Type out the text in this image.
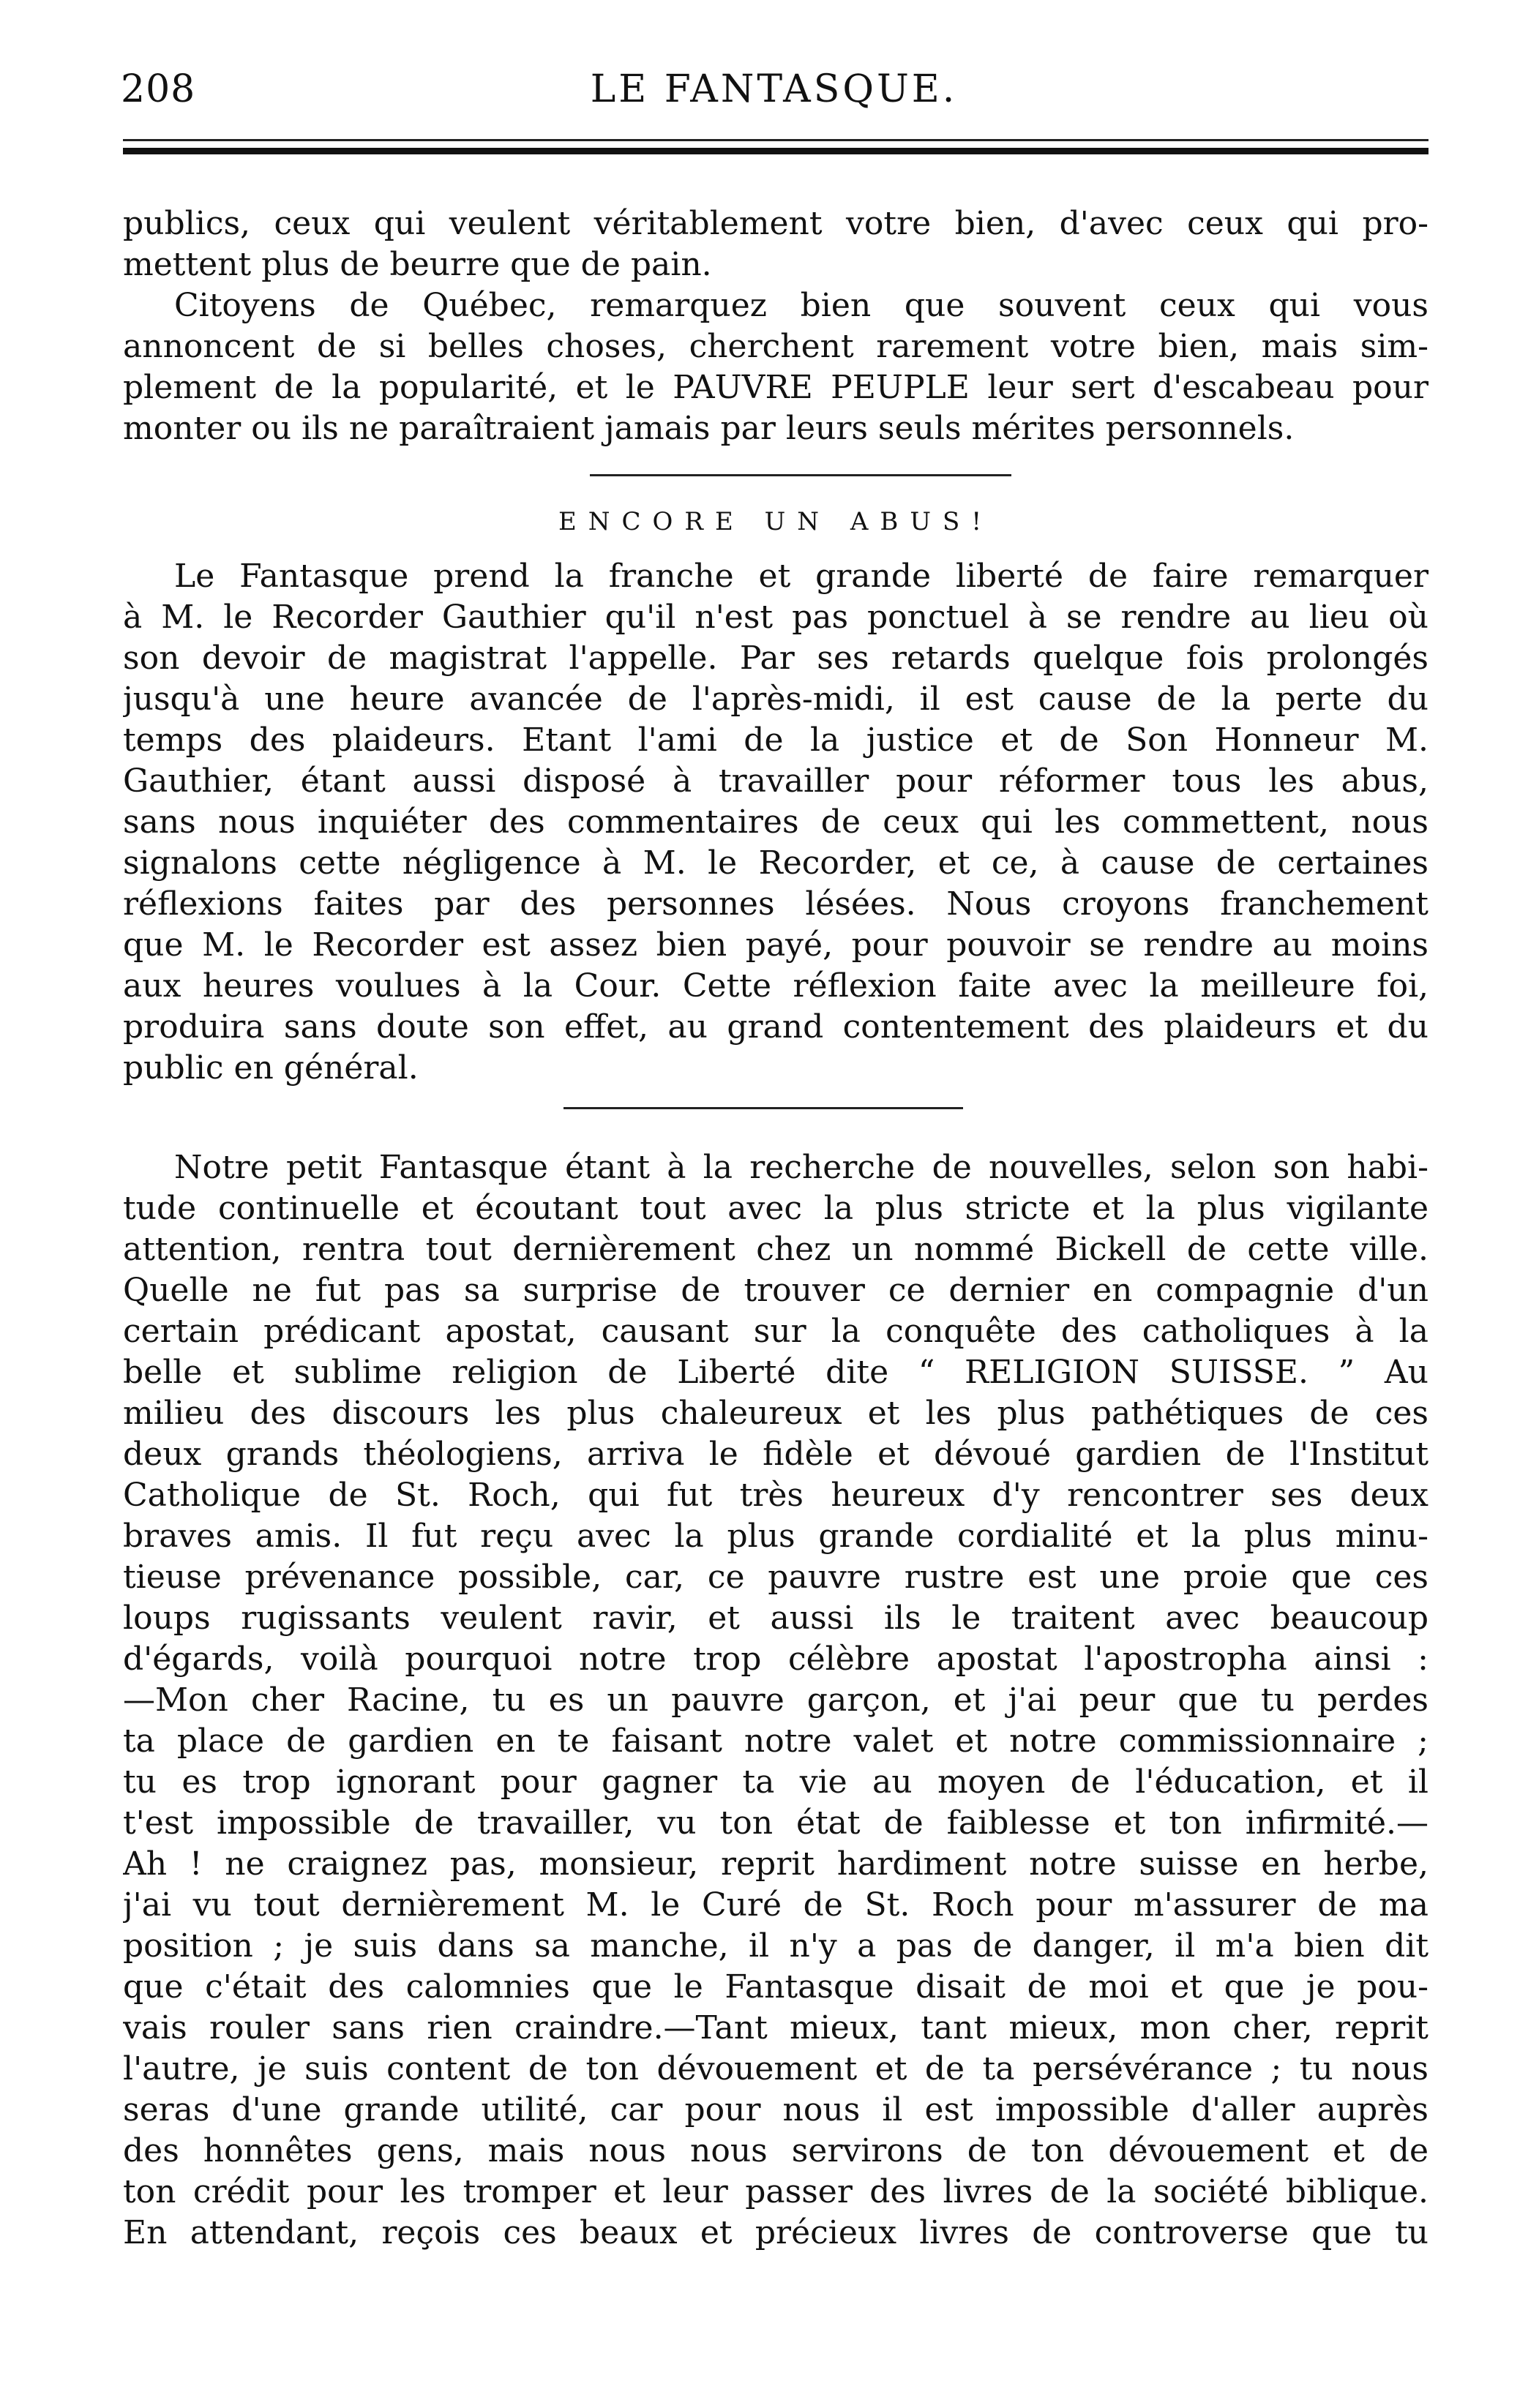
208	LE FANTASQUE.
publics, ceux qui veulent véritablement votre bien, d'avec ceux qui pro-
mettent plus de beurre que de pain.
Citoyens de Québec, remarquez bien que souvent ceux qui vous
annoncent de si belles choses, cherchent rarement votre bien, mais sim-
plement de la popularité, et le PAUVRE PEUPLE leur sert d'escabeau pour
monter ou ils ne paraîtraient jamais par leurs seuls mérites personnels.
ENCORE UN ABUS!
Le Fantasque prend la franche et grande liberté de faire remarquer
à M. le Recorder Gauthier qu'il n'est pas ponctuel à se rendre au lieu où
son devoir de magistrat l'appelle. Par ses retards quelque fois prolongés
jusqu'à une heure avancée de l'après-midi, il est cause de la perte du
temps des plaideurs. Etant l'ami de la justice et de Son Honneur M.
Gauthier, étant aussi disposé à travailler pour réformer tous les abus,
sans nous inquiéter des commentaires de ceux qui les commettent, nous
signalons cette négligence à M. le Recorder, et ce, à cause de certaines
réflexions faites par des personnes lésées. Nous croyons franchement
que M. le Recorder est assez bien payé, pour pouvoir se rendre au moins
aux heures voulues à la Cour. Cette réflexion faite avec la meilleure foi,
produira sans doute son effet, au grand contentement des plaideurs et du
public en général.
Notre petit Fantasque étant à la recherche de nouvelles, selon son habi-
tude continuelle et écoutant tout avec la plus stricte et la plus vigilante
attention, rentra tout dernièrement chez un nommé Bickell de cette ville.
Quelle ne fut pas sa surprise de trouver ce dernier en compagnie d'un
certain prédicant apostat, causant sur la conquête des catholiques à la
belle et sublime religion de Liberté dite “ RELIGION SUISSE. ” Au
milieu des discours les plus chaleureux et les plus pathétiques de ces
deux grands théologiens, arriva le fidèle et dévoué gardien de l'Institut
Catholique de St. Roch, qui fut très heureux d'y rencontrer ses deux
braves amis. Il fut reçu avec la plus grande cordialité et la plus minu-
tieuse prévenance possible, car, ce pauvre rustre est une proie que ces
loups rugissants veulent ravir, et aussi ils le traitent avec beaucoup
d'égards, voilà pourquoi notre trop célèbre apostat l'apostropha ainsi :
—Mon cher Racine, tu es un pauvre garçon, et j'ai peur que tu perdes
ta place de gardien en te faisant notre valet et notre commissionnaire ;
tu es trop ignorant pour gagner ta vie au moyen de l'éducation, et il
t'est impossible de travailler, vu ton état de faiblesse et ton infirmité.—
Ah ! ne craignez pas, monsieur, reprit hardiment notre suisse en herbe,
j'ai vu tout dernièrement M. le Curé de St. Roch pour m'assurer de ma
position ; je suis dans sa manche, il n'y a pas de danger, il m'a bien dit
que c'était des calomnies que le Fantasque disait de moi et que je pou-
vais rouler sans rien craindre.—Tant mieux, tant mieux, mon cher, reprit
l'autre, je suis content de ton dévouement et de ta persévérance ; tu nous
seras d'une grande utilité, car pour nous il est impossible d'aller auprès
des honnêtes gens, mais nous nous servirons de ton dévouement et de
ton crédit pour les tromper et leur passer des livres de la société biblique.
En attendant, reçois ces beaux et précieux livres de controverse que tu
